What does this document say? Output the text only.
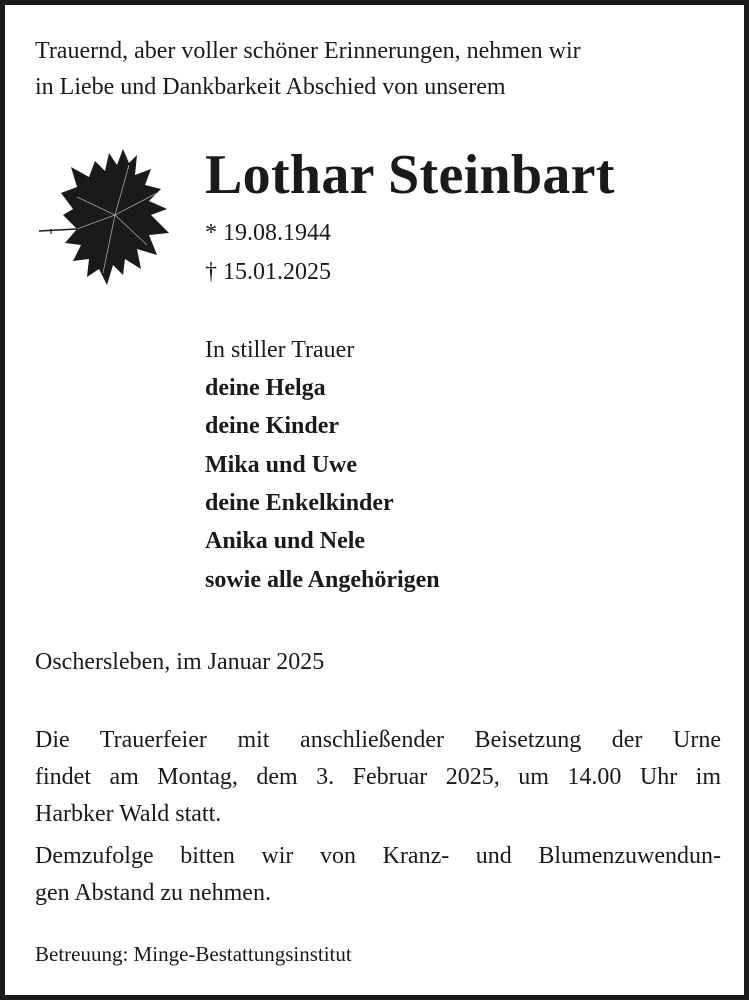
Trauernd, aber voller schöner Erinnerungen, nehmen wir
in Liebe und Dankbarkeit Abschied von unserem
Lothar Steinbart
* 19.08.1944
† 15.01.2025
In stiller Trauer
deine Helga
deine Kinder
Mika und Uwe
deine Enkelkinder
Anika und Nele
sowie alle Angehörigen
Oschersleben, im Januar 2025
Die Trauerfeier mit anschließender Beisetzung der Urne
findet am Montag, dem 3. Februar 2025, um 14.00 Uhr im
Harbker Wald statt.
Demzufolge bitten wir von Kranz- und Blumenzuwendun-
gen Abstand zu nehmen.
Betreuung: Minge-Bestattungsinstitut
